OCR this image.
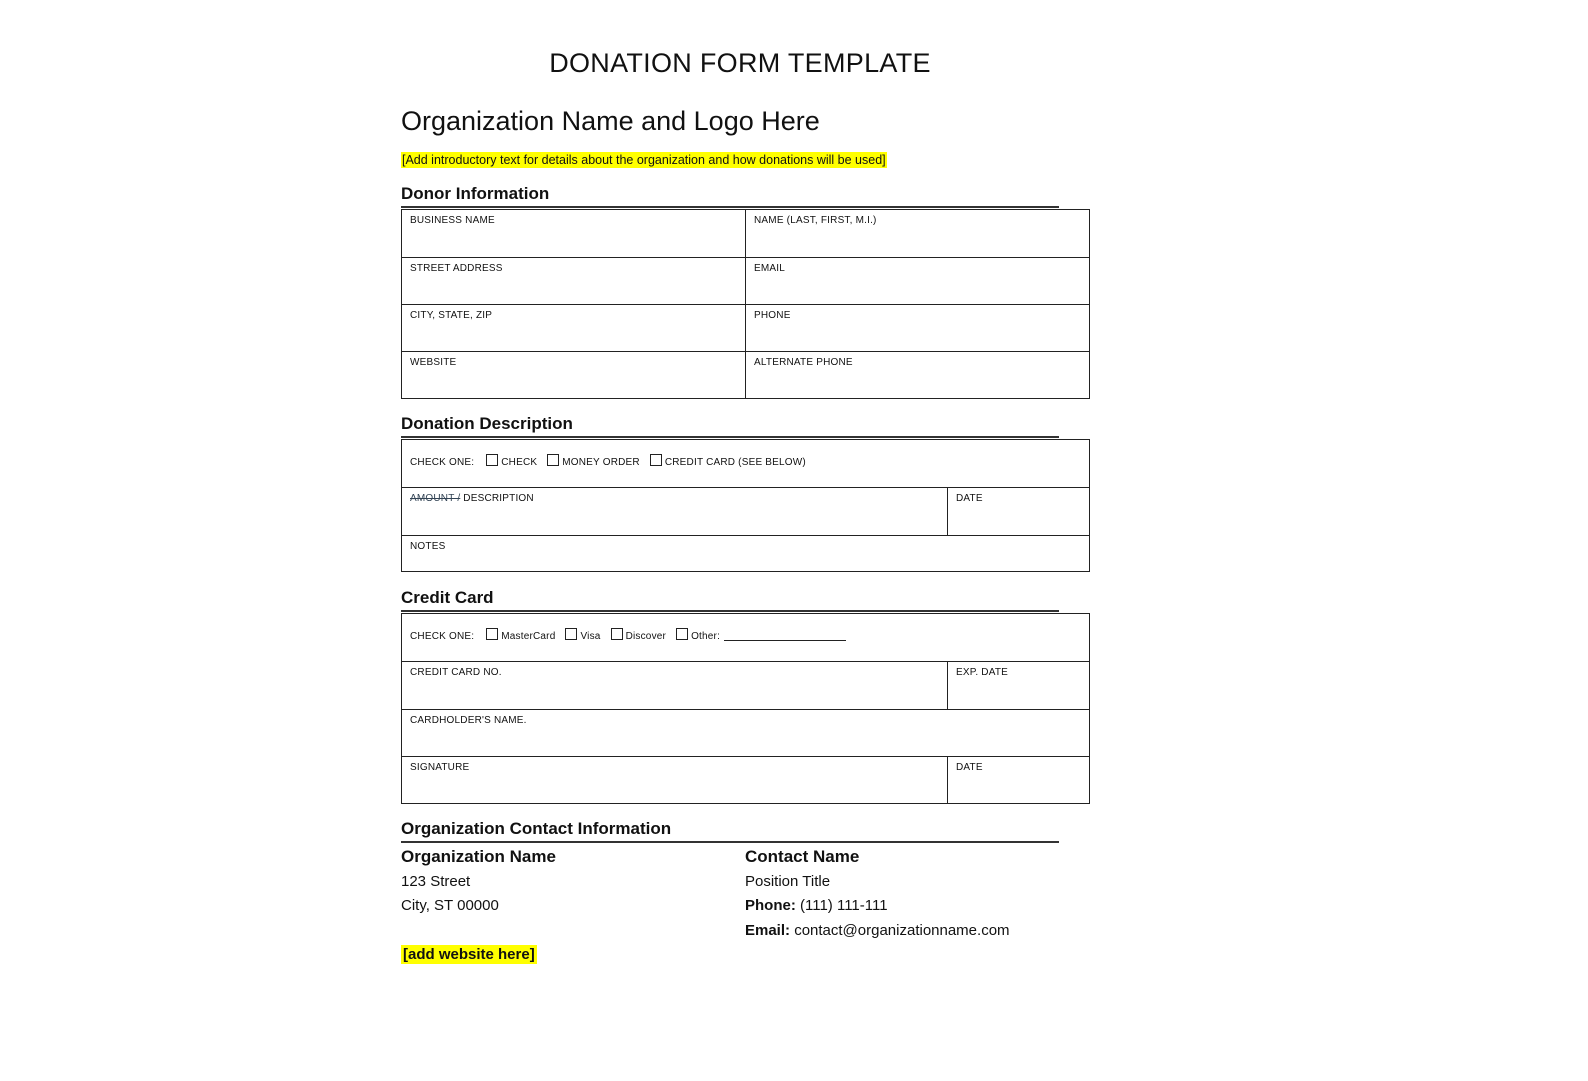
DONATION FORM TEMPLATE
Organization Name and Logo Here
[Add introductory text for details about the organization and how donations will be used]
Donor Information
BUSINESS NAME	NAME (LAST, FIRST, M.I.)

STREET ADDRESS	EMAIL

CITY, STATE, ZIP	PHONE

WEBSITE	ALTERNATE PHONE
Donation Description
CHECK ONE:	CHECK	MONEY ORDER	CREDIT CARD (SEE BELOW)
AMOUNT / DESCRIPTION	DATE

NOTES
Credit Card
CHECK ONE: MasterCard Visa Discover Other:	

CREDIT CARD NO.	EXP. DATE

CARDHOLDER'S NAME.	

SIGNATURE	DATE
Organization Contact Information
Organization Name
123 Street
City, ST 00000
[add website here]
Contact Name
Position Title
Phone: (111) 111-111
Email: contact@organizationname.com
